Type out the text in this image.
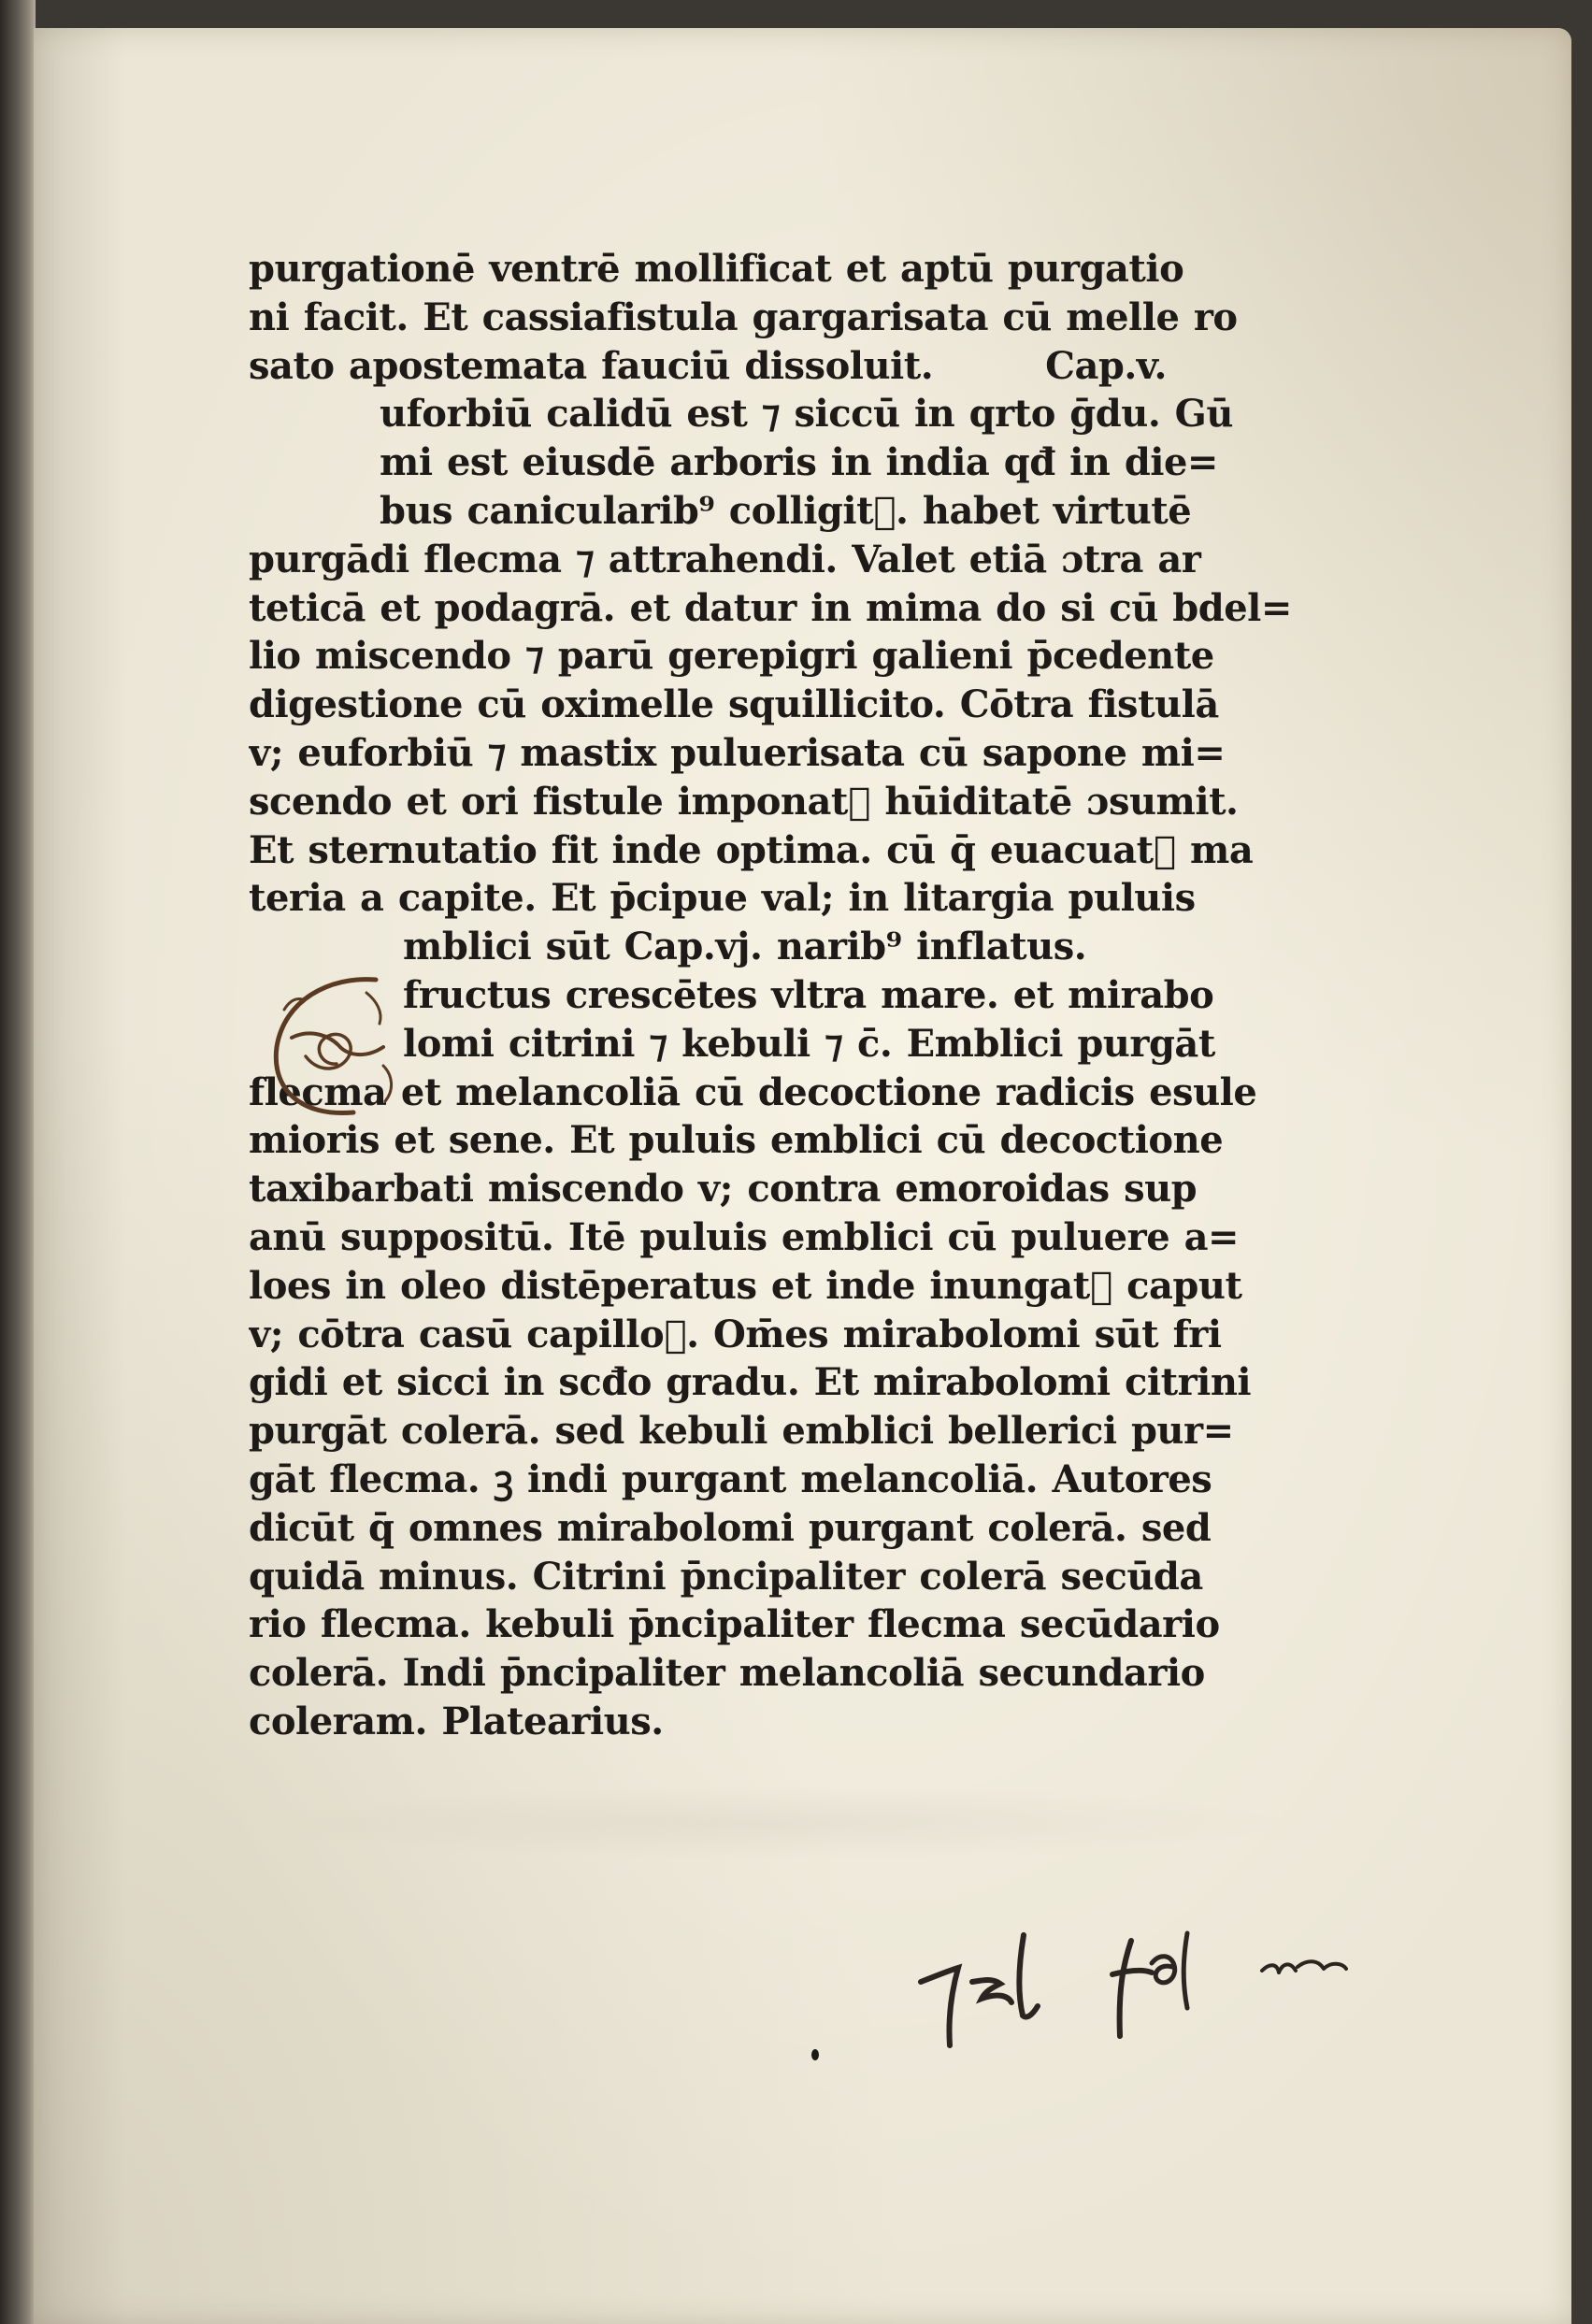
purgationē ventrē mollificat et aptū purgatio
ni facit. Et cassiafistula gargarisata cū melle ro
sato apostemata fauciū dissoluit.	Cap.v.
uforbiū calidū est ⁊ siccū in qrto ḡdu. Gū
mi est eiusdē arboris in india qđ in die=
bus canicularib⁹ colligit᷑. habet virtutē
purgādi flecma ⁊ attrahendi. Valet etiā ɔtra ar
teticā et podagrā. et datur in mima do si cū bdel=
lio miscendo ⁊ parū gerepigri galieni p̄cedente
digestione cū oximelle squillicito. Cōtra fistulā
v; euforbiū ⁊ mastix puluerisata cū sapone mi=
scendo et ori fistule imponat᷑ hūiditatē ɔsumit.
Et sternutatio fit inde optima. cū q̄ euacuat᷑ ma
teria a capite. Et p̄cipue val; in litargia puluis
mblici sūt Cap.vj. narib⁹ inflatus.
fructus crescētes vltra mare. et mirabo
lomi citrini ⁊ kebuli ⁊ c̄. Emblici purgāt
flecma et melancoliā cū decoctione radicis esule
mioris et sene. Et puluis emblici cū decoctione
taxibarbati miscendo v; contra emoroidas sup
anū suppositū. Itē puluis emblici cū puluere a=
loes in oleo distēperatus et inde inungat᷑ caput
v; cōtra casū capillo᷑. Om̄es mirabolomi sūt fri
gidi et sicci in scđo gradu. Et mirabolomi citrini
purgāt colerā. sed kebuli emblici bellerici pur=
gāt flecma. ꝫ indi purgant melancoliā. Autores
dicūt q̄ omnes mirabolomi purgant colerā. sed
quidā minus. Citrini p̄ncipaliter colerā secūda
rio flecma. kebuli p̄ncipaliter flecma secūdario
colerā. Indi p̄ncipaliter melancoliā secundario
coleram. Platearius.
